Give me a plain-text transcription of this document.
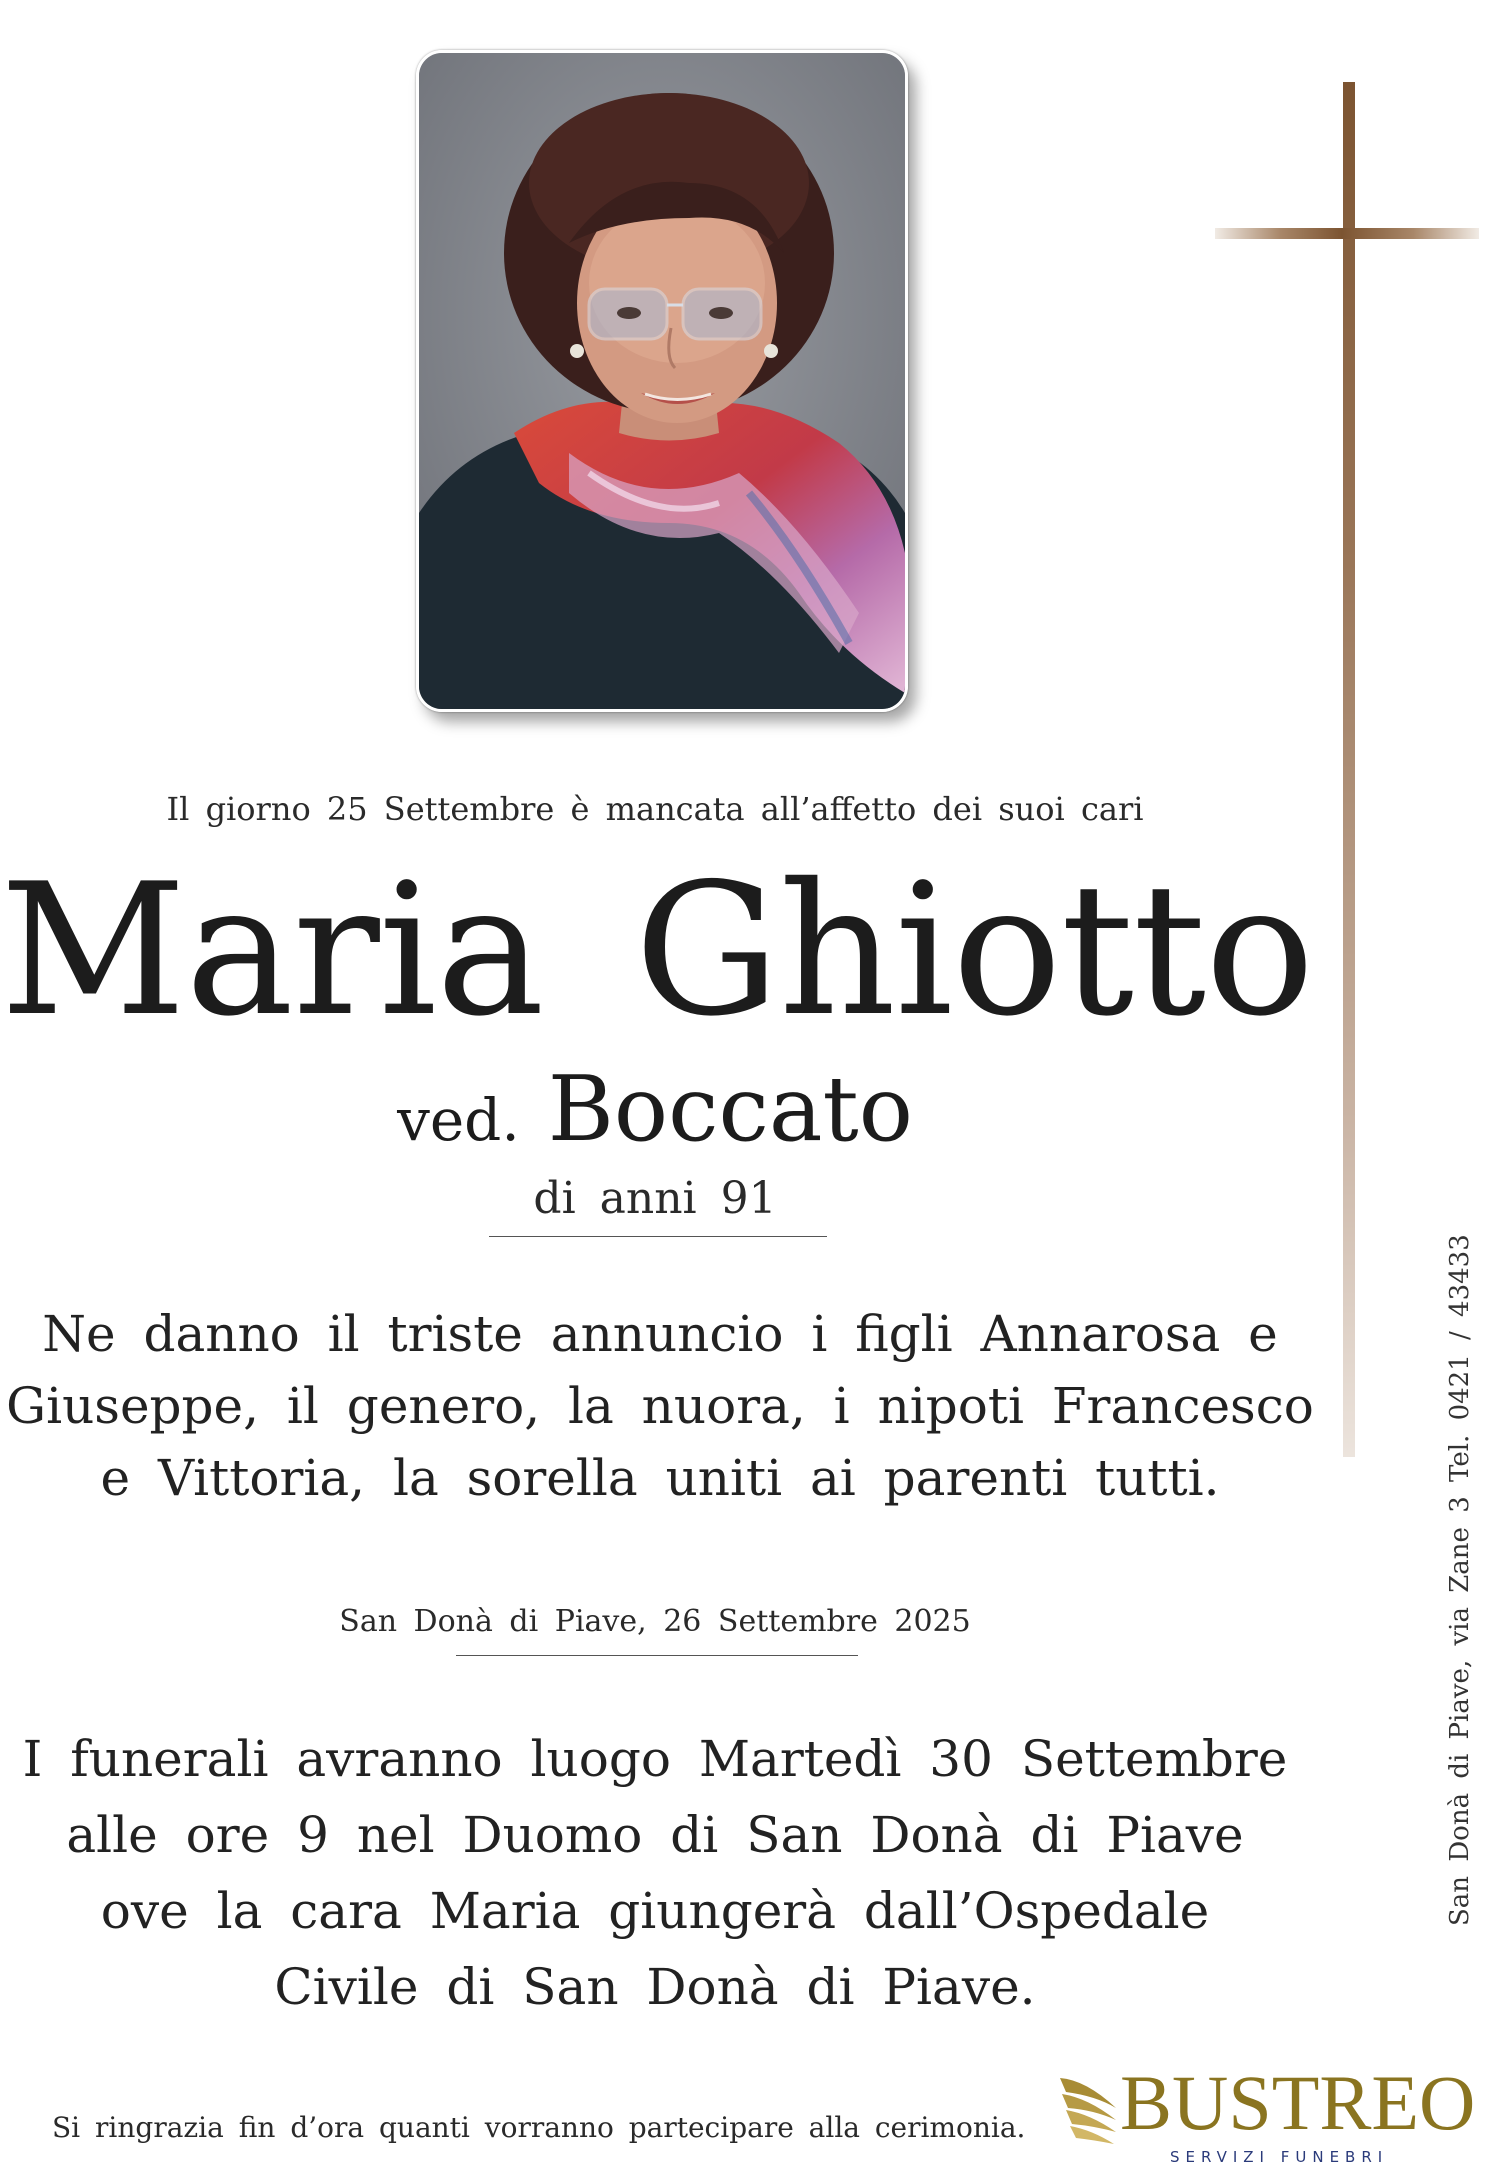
Il giorno 25 Settembre è mancata all’affetto dei suoi cari
Maria Ghiotto
ved. Boccato
di anni 91
Ne danno il triste annuncio i figli Annarosa e
Giuseppe, il genero, la nuora, i nipoti Francesco
e Vittoria, la sorella uniti ai parenti tutti.
San Donà di Piave, 26 Settembre 2025
I funerali avranno luogo Martedì 30 Settembre
alle ore 9 nel Duomo di San Donà di Piave
ove la cara Maria giungerà dall’Ospedale
Civile di San Donà di Piave.
Si ringrazia fin d’ora quanti vorranno partecipare alla cerimonia.
San Donà di Piave, via Zane 3 Tel. 0421 / 43433
BUSTREO
SERVIZI FUNEBRI
